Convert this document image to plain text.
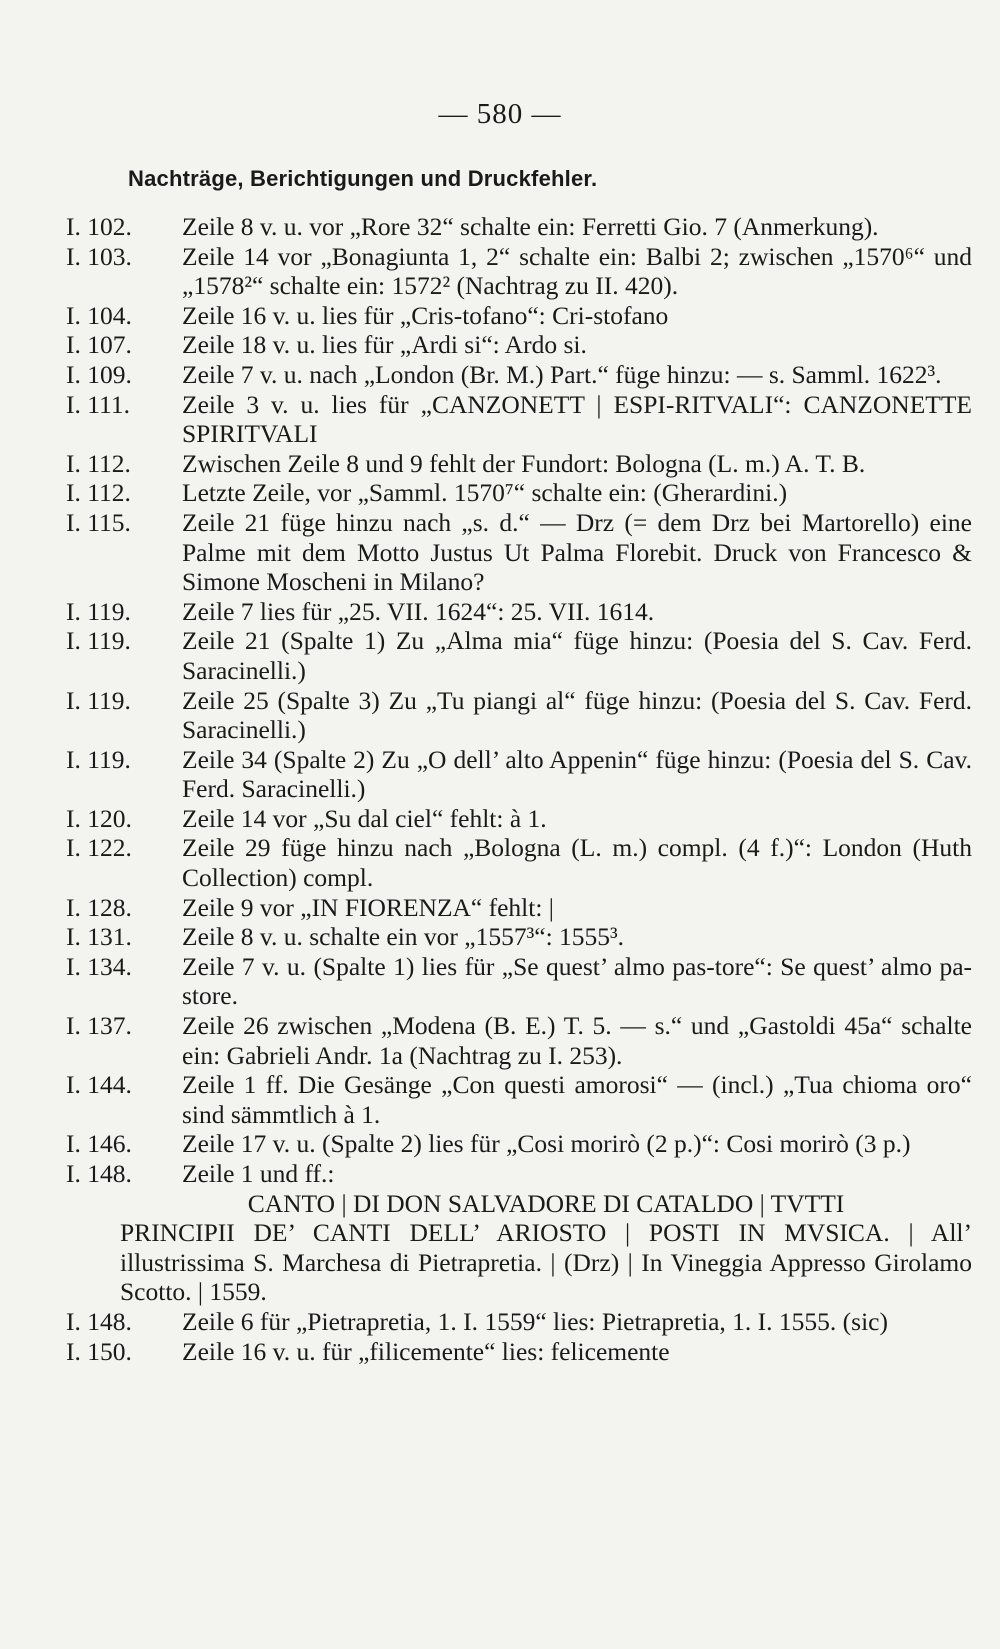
— 580 —
Nachträge, Berichtigungen und Druckfehler.
I. 102.	Zeile 8 v. u. vor „Rore 32“ schalte ein: Ferretti Gio. 7 (Anmerkung).
I. 103.	Zeile 14 vor „Bonagiunta 1, 2“ schalte ein: Balbi 2; zwischen „1570⁶“ und „1578²“ schalte ein: 1572² (Nachtrag zu II. 420).
I. 104.	Zeile 16 v. u. lies für „Cris-tofano“: Cri-stofano
I. 107.	Zeile 18 v. u. lies für „Ardi si“: Ardo si.
I. 109.	Zeile 7 v. u. nach „London (Br. M.) Part.“ füge hinzu: — s. Samml. 1622³.
I. 111.	Zeile 3 v. u. lies für „CANZONETT | ESPI-RITVALI“: CANZONETTE SPIRITVALI
I. 112.	Zwischen Zeile 8 und 9 fehlt der Fundort: Bologna (L. m.) A. T. B.
I. 112.	Letzte Zeile, vor „Samml. 1570⁷“ schalte ein: (Gherardini.)
I. 115.	Zeile 21 füge hinzu nach „s. d.“ — Drz (= dem Drz bei Martorello) eine Palme mit dem Motto Justus Ut Palma Florebit. Druck von Francesco & Simone Moscheni in Milano?
I. 119.	Zeile 7 lies für „25. VII. 1624“: 25. VII. 1614.
I. 119.	Zeile 21 (Spalte 1) Zu „Alma mia“ füge hinzu: (Poesia del S. Cav. Ferd. Saracinelli.)
I. 119.	Zeile 25 (Spalte 3) Zu „Tu piangi al“ füge hinzu: (Poesia del S. Cav. Ferd. Saracinelli.)
I. 119.	Zeile 34 (Spalte 2) Zu „O dell’ alto Appenin“ füge hinzu: (Poesia del S. Cav. Ferd. Saracinelli.)
I. 120.	Zeile 14 vor „Su dal ciel“ fehlt: à 1.
I. 122.	Zeile 29 füge hinzu nach „Bologna (L. m.) compl. (4 f.)“: London (Huth Collection) compl.
I. 128.	Zeile 9 vor „IN FIORENZA“ fehlt: |
I. 131.	Zeile 8 v. u. schalte ein vor „1557³“: 1555³.
I. 134.	Zeile 7 v. u. (Spalte 1) lies für „Se quest’ almo pas-tore“: Se quest’ almo pa-store.
I. 137.	Zeile 26 zwischen „Modena (B. E.) T. 5. — s.“ und „Gastoldi 45a“ schalte ein: Gabrieli Andr. 1a (Nachtrag zu I. 253).
I. 144.	Zeile 1 ff. Die Gesänge „Con questi amorosi“ — (incl.) „Tua chioma oro“ sind sämmtlich à 1.
I. 146.	Zeile 17 v. u. (Spalte 2) lies für „Cosi morirò (2 p.)“: Cosi morirò (3 p.)
I. 148.	Zeile 1 und ff.:
CANTO | DI DON SALVADORE DI CATALDO | TVTTI
PRINCIPII DE’ CANTI DELL’ ARIOSTO | POSTI IN MVSICA. | All’ illustrissima S. Marchesa di Pietrapretia. | (Drz) | In Vineggia Appresso Girolamo Scotto. | 1559.
I. 148.	Zeile 6 für „Pietrapretia, 1. I. 1559“ lies: Pietrapretia, 1. I. 1555. (sic)
I. 150.	Zeile 16 v. u. für „filicemente“ lies: felicemente
